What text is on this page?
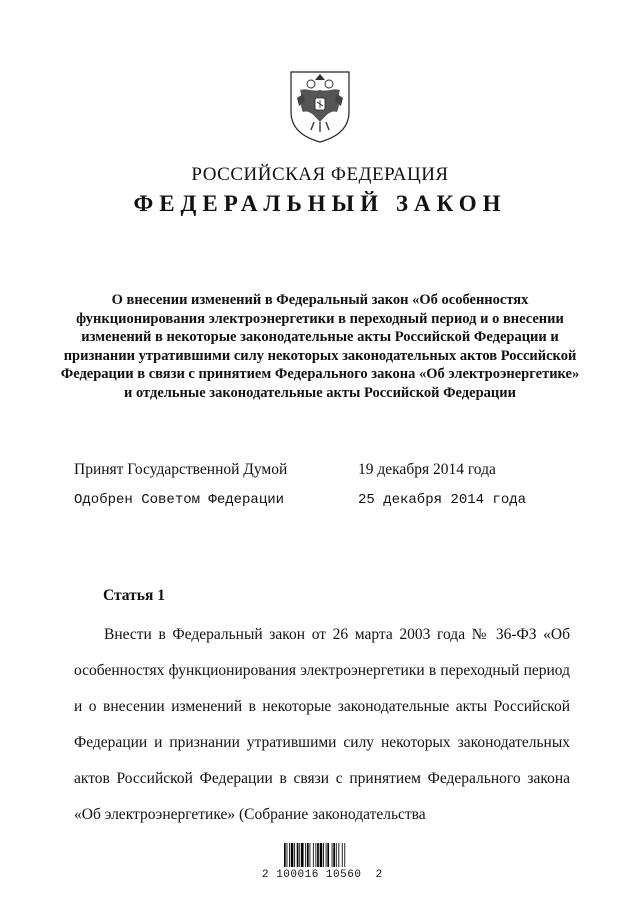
РОССИЙСКАЯ ФЕДЕРАЦИЯ
ФЕДЕРАЛЬНЫЙ ЗАКОН
О внесении изменений в Федеральный закон «Об особенностях функционирования электроэнергетики в переходный период и о внесении изменений в некоторые законодательные акты Российской Федерации и признании утратившими силу некоторых законодательных актов Российской Федерации в связи с принятием Федерального закона «Об электроэнергетике» и отдельные законодательные акты Российской Федерации
Принят Государственной Думой	19 декабря 2014 года
Одобрен Советом Федерации	25 декабря 2014 года
Статья 1

Внести в Федеральный закон от 26 марта 2003 года № 36-ФЗ «Об особенностях функционирования электроэнергетики в переходный период и о внесении изменений в некоторые законодательные акты Российской Федерации и признании утратившими силу некоторых законодательных актов Российской Федерации в связи с принятием Федерального закона «Об электроэнергетике» (Собрание законодательства

2 100016 10560  2
